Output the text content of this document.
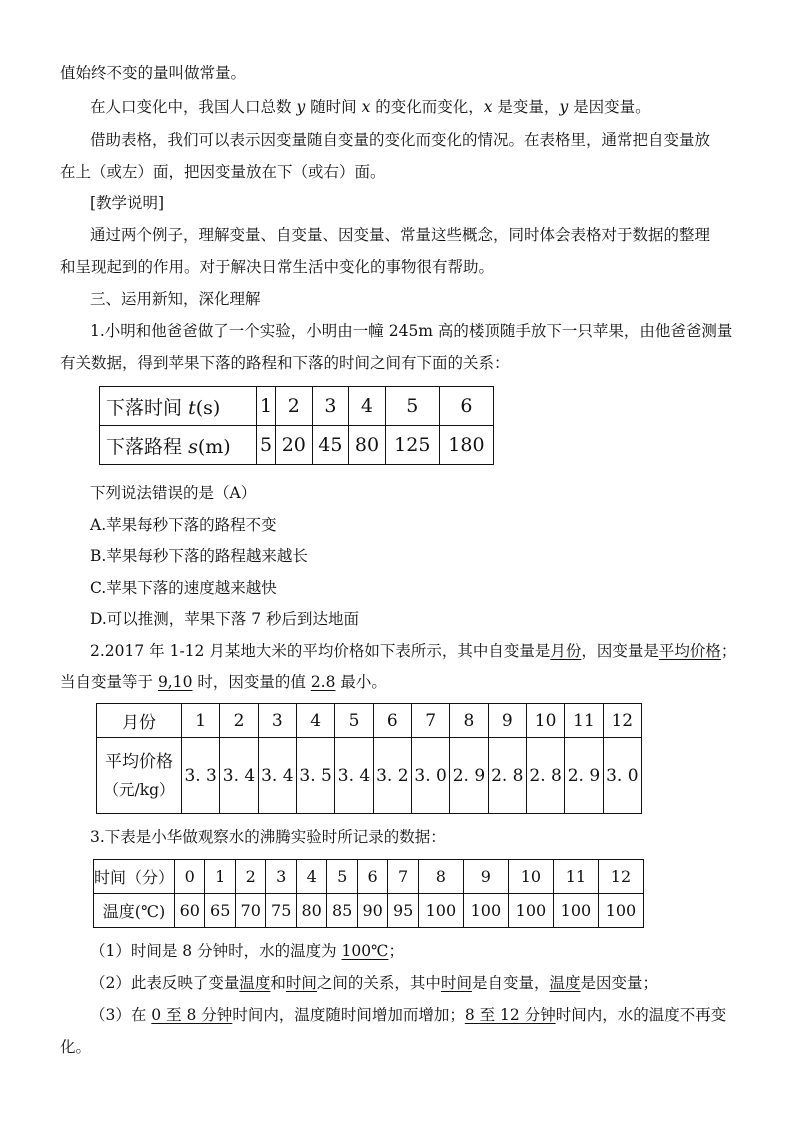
值始终不变的量叫做常量。
在人口变化中，我国人口总数 y 随时间 x 的变化而变化，x 是变量，y 是因变量。
借助表格，我们可以表示因变量随自变量的变化而变化的情况。在表格里，通常把自变量放
在上（或左）面，把因变量放在下（或右）面。
[教学说明]
通过两个例子，理解变量、自变量、因变量、常量这些概念，同时体会表格对于数据的整理
和呈现起到的作用。对于解决日常生活中变化的事物很有帮助。
三、运用新知，深化理解
1.小明和他爸爸做了一个实验，小明由一幢 245m 高的楼顶随手放下一只苹果，由他爸爸测量
有关数据，得到苹果下落的路程和下落的时间之间有下面的关系：
下落时间 t(s)	1	2	3	4	5	6
下落路程 s(m)	5	20	45	80	125	180
下列说法错误的是（A）
A.苹果每秒下落的路程不变
B.苹果每秒下落的路程越来越长
C.苹果下落的速度越来越快
D.可以推测，苹果下落 7 秒后到达地面
2.2017 年 1-12 月某地大米的平均价格如下表所示，其中自变量是月份，因变量是平均价格；
当自变量等于 9,10 时，因变量的值 2.8 最小。
月份	1	2	3	4	5	6	7	8	9	10	11	12

平均价格
（元/kg）	3. 3	3. 4	3. 4	3. 5	3. 4	3. 2	3. 0	2. 9	2. 8	2. 8	2. 9	3. 0
3.下表是小华做观察水的沸腾实验时所记录的数据：
时间（分）	0	1	2	3	4	5	6	7	8	9	10	11	12
温度(℃)	60	65	70	75	80	85	90	95	100	100	100	100	100
（1）时间是 8 分钟时，水的温度为 100℃；
（2）此表反映了变量温度和时间之间的关系，其中时间是自变量，温度是因变量；
（3）在 0 至 8 分钟时间内，温度随时间增加而增加；8 至 12 分钟时间内，水的温度不再变
化。
